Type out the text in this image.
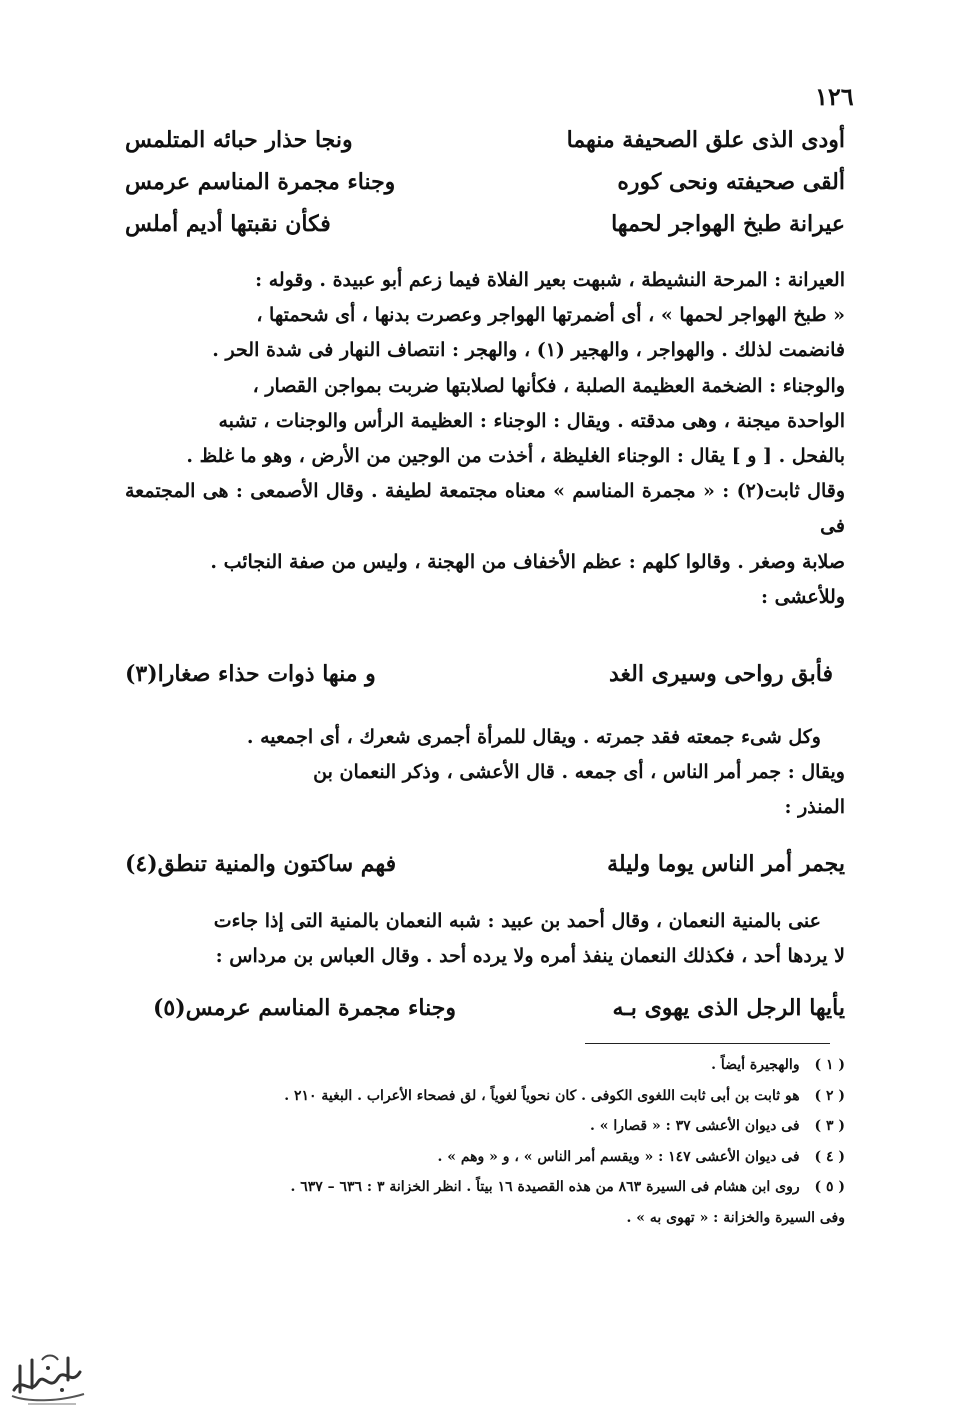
١٢٦
أودى الذى علق الصحيفة منهما
ونجا حذار حبائه المتلمس
ألقى صحيفته ونحى كوره
وجناء مجمرة المناسم عرمس
عيرانة طبخ الهواجر لحمها
فكأن نقبتها أديم أملس

العيرانة : المرحة النشيطة ، شبهت بعير الفلاة فيما زعم أبو عبيدة . وقوله :

« طبخ الهواجر لحمها » ، أى أضمرتها الهواجر وعصرت بدنها ، أى شحمتها ،

فانضمت لذلك . والهواجر ، والهجير (١) ، والهجر : انتصاف النهار فى شدة الحر .

والوجناء : الضخمة العظيمة الصلبة ، فكأنها لصلابتها ضربت بمواجن القصار ،

الواحدة ميجنة ، وهى مدقته . ويقال : الوجناء : العظيمة الرأس والوجنات ، تشبه

بالفحل . [ و ] يقال : الوجناء الغليظة ، أخذت من الوجين من الأرض ، وهو ما غلظ .

وقال ثابت(٢) : « مجمرة المناسم » معناه مجتمعة لطيفة . وقال الأصمعى : هى المجتمعة فى

صلابة وصغر . وقالوا كلهم : عظم الأخفاف من الهجنة ، وليس من صفة النجائب .

وللأعشى :

فأبق رواحى وسيرى الغد
و منها ذوات حذاء صغارا(٣)

وكل شىء جمعته فقد جمرته . ويقال للمرأة أجمرى شعرك ، أى اجمعيه .

ويقال : جمر أمر الناس ، أى جمعه . قال الأعشى ، وذكر النعمان بن

المنذر :

يجمر أمر الناس يوما وليلة
فهم ساكتون والمنية تنطق(٤)

عنى بالمنية النعمان ، وقال أحمد بن عبيد : شبه النعمان بالمنية التى إذا جاءت

لا يردها أحد ، فكذلك النعمان ينفذ أمره ولا يرده أحد . وقال العباس بن مرداس :

يأيها الرجل الذى يهوى بـه
وجناء مجمرة المناسم عرمس(٥)
( ١ ) والهجيرة أيضاً .
( ٢ ) هو ثابت بن أبى ثابت اللغوى الكوفى . كان نحوياً لغوياً ، لق فصحاء الأعراب . البغية ٢١٠ .
( ٣ ) فى ديوان الأعشى ٣٧ : « قصارا » .
( ٤ ) فى ديوان الأعشى ١٤٧ : « ويقسم أمر الناس » ، و « وهم » .
( ٥ ) روى ابن هشام فى السيرة ٨٦٣ من هذه القصيدة ١٦ بيتاً . انظر الخزانة ٣ : ٦٣٦ – ٦٣٧ .
وفى السيرة والخزانة : « تهوى به » .
